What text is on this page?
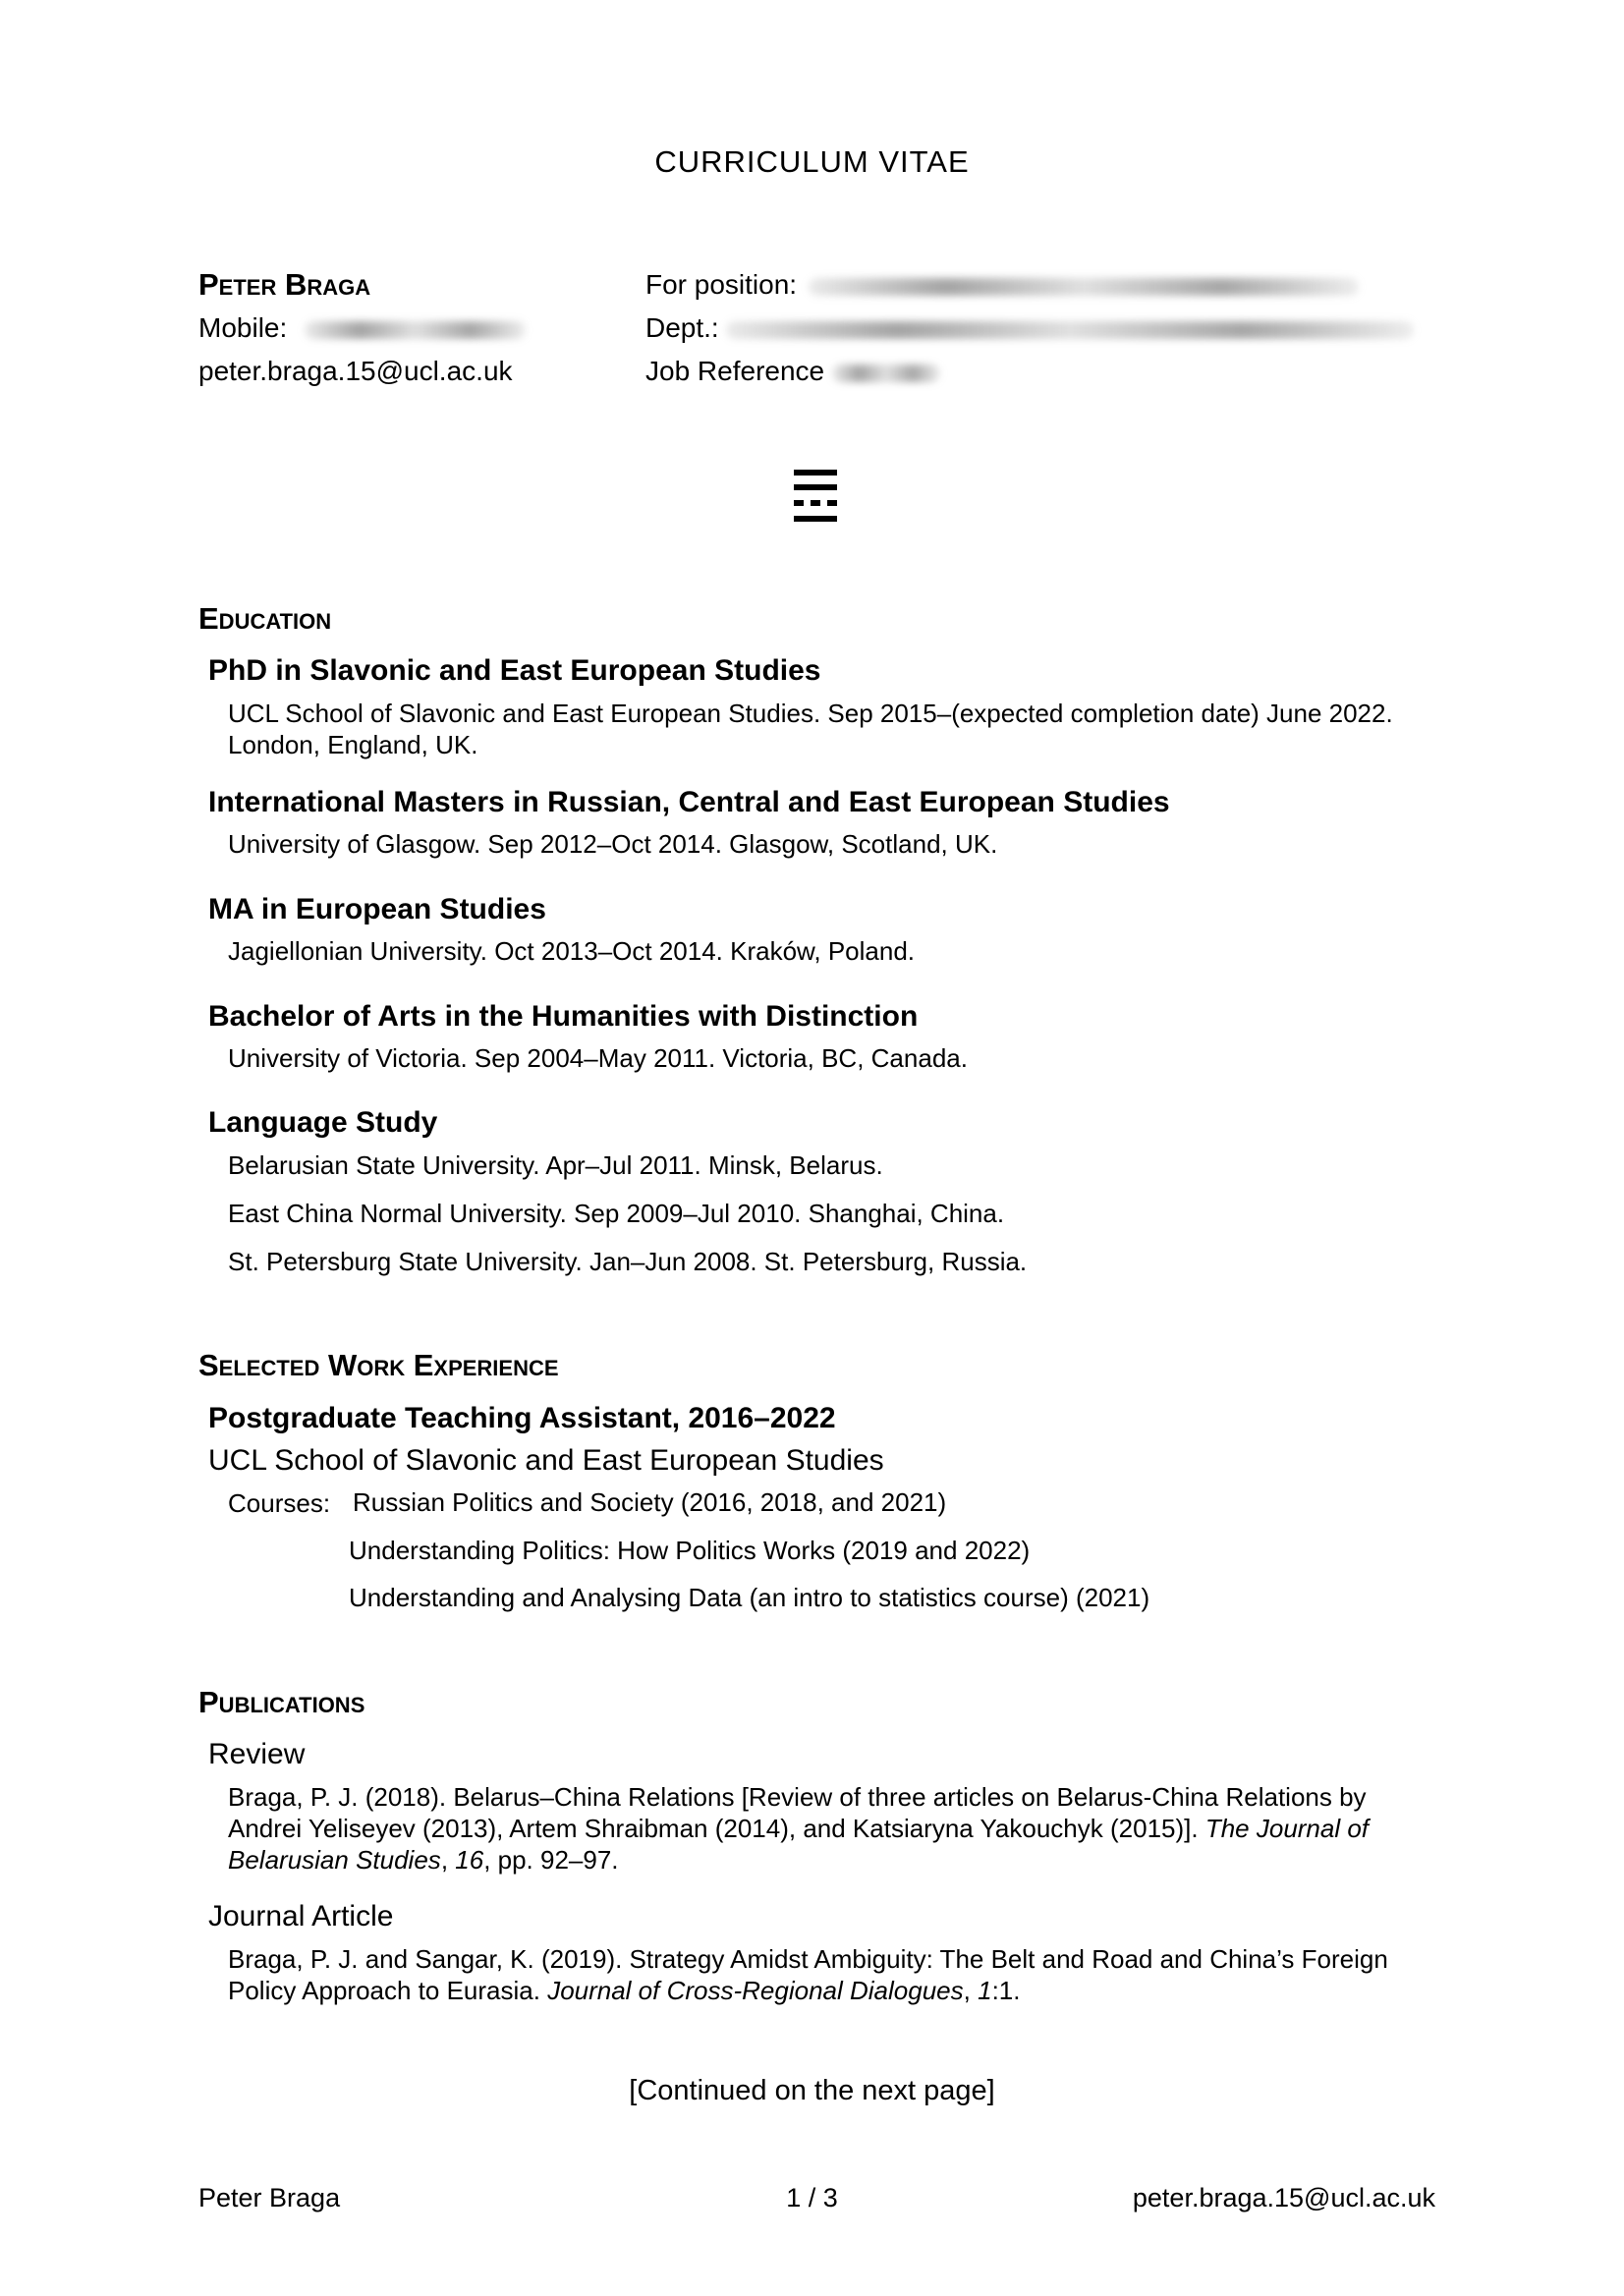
CURRICULUM VITAE
Peter Braga
Mobile:
peter.braga.15@ucl.ac.uk
For position:
Dept.:
Job Reference
Education
PhD in Slavonic and East European Studies
UCL School of Slavonic and East European Studies. Sep 2015–(expected completion date) June 2022. London, England, UK.
International Masters in Russian, Central and East European Studies
University of Glasgow. Sep 2012–Oct 2014. Glasgow, Scotland, UK.
MA in European Studies
Jagiellonian University. Oct 2013–Oct 2014. Kraków, Poland.
Bachelor of Arts in the Humanities with Distinction
University of Victoria. Sep 2004–May 2011. Victoria, BC, Canada.
Language Study
Belarusian State University. Apr–Jul 2011. Minsk, Belarus.
East China Normal University. Sep 2009–Jul 2010. Shanghai, China.
St. Petersburg State University. Jan–Jun 2008. St. Petersburg, Russia.
Selected Work Experience
Postgraduate Teaching Assistant, 2016–2022
UCL School of Slavonic and East European Studies
Courses: Russian Politics and Society (2016, 2018, and 2021)
Understanding Politics: How Politics Works (2019 and 2022)
Understanding and Analysing Data (an intro to statistics course) (2021)
Publications
Review
Braga, P. J. (2018). Belarus–China Relations [Review of three articles on Belarus-China Relations by Andrei Yeliseyev (2013), Artem Shraibman (2014), and Katsiaryna Yakouchyk (2015)]. The Journal of Belarusian Studies, 16, pp. 92–97.
Journal Article
Braga, P. J. and Sangar, K. (2019). Strategy Amidst Ambiguity: The Belt and Road and China’s Foreign Policy Approach to Eurasia. Journal of Cross-Regional Dialogues, 1:1.
[Continued on the next page]
Peter Braga	1 / 3	peter.braga.15@ucl.ac.uk
